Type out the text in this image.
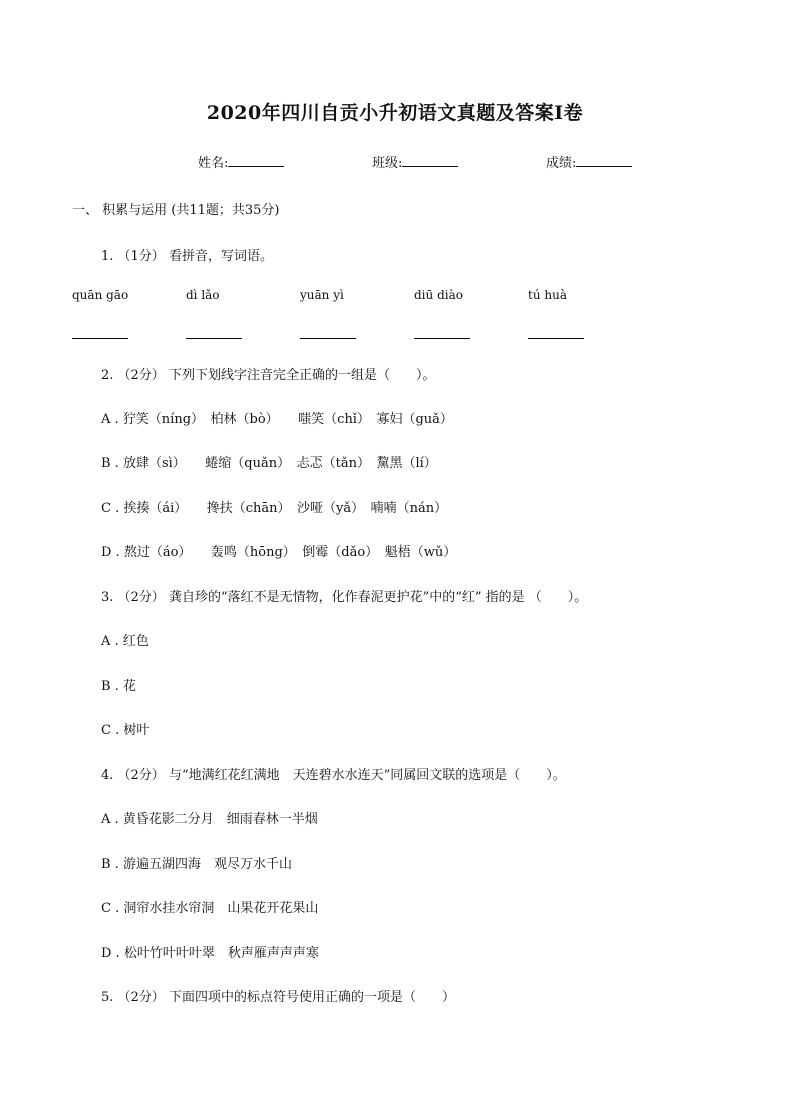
2020年四川自贡小升初语文真题及答案Ⅰ卷
姓名:	班级:	成绩:
一、 积累与运用 (共11题；共35分)
1. （1分） 看拼音，写词语。
quān gāo	dì lǎo	yuān yì	diū diào	tú huà
2. （2分） 下列下划线字注音完全正确的一组是（　　）。
A . 狞笑（níng）　柏林（bò）　　嗤笑（chǐ）　寡妇（guǎ）
B . 放肆（sì）　　蜷缩（quǎn）　忐忑（tǎn）　黧黑（lí）
C . 挨揍（ái）　　搀扶（chān）　沙哑（yǎ）　喃喃（nán）
D . 熬过（áo）　　轰鸣（hōng）　倒霉（dǎo）　魁梧（wǔ）
3. （2分） 龚自珍的“落红不是无情物，化作春泥更护花”中的“红” 指的是 （　　）。
A . 红色
B . 花
C . 树叶
4. （2分） 与“地满红花红满地　天连碧水水连天”同属回文联的选项是（　　）。
A . 黄昏花影二分月　细雨春林一半烟
B . 游遍五湖四海　观尽万水千山
C . 洞帘水挂水帘洞　山果花开花果山
D . 松叶竹叶叶叶翠　秋声雁声声声寒
5. （2分） 下面四项中的标点符号使用正确的一项是（　　）
